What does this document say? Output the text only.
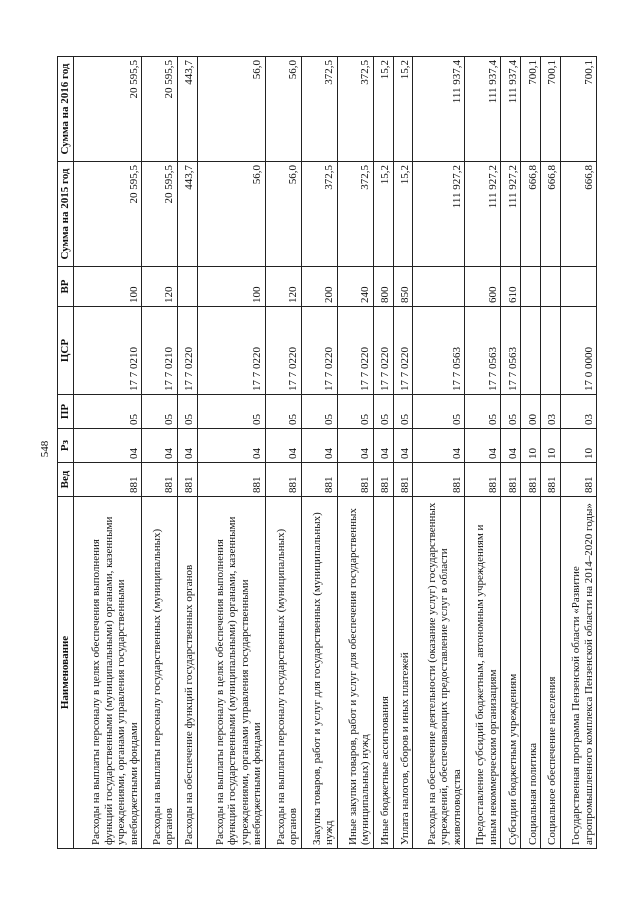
548
Наименование	Вед	Рз	ПР	ЦСР	ВР	Сумма на 2015 год	Сумма на 2016 год
Расходы на выплаты персоналу в целях обеспечения выполнения функций государственными (муниципальными) органами, казенными учреждениями, органами управления государственными внебюджетными фондами	881	04	05	17 7 0210	100	20 595,5	20 595,5
Расходы на выплаты персоналу государственных (муниципальных) органов	881	04	05	17 7 0210	120	20 595,5	20 595,5
Расходы на обеспечение функций государственных органов	881	04	05	17 7 0220		443,7	443,7
Расходы на выплаты персоналу в целях обеспечения выполнения функций государственными (муниципальными) органами, казенными учреждениями, органами управления государственными внебюджетными фондами	881	04	05	17 7 0220	100	56,0	56,0
Расходы на выплаты персоналу государственных (муниципальных) органов	881	04	05	17 7 0220	120	56,0	56,0
Закупка товаров, работ и услуг для государственных (муниципальных) нужд	881	04	05	17 7 0220	200	372,5	372,5
Иные закупки товаров, работ и услуг для обеспечения государственных (муниципальных) нужд	881	04	05	17 7 0220	240	372,5	372,5
Иные бюджетные ассигнования	881	04	05	17 7 0220	800	15,2	15,2
Уплата налогов, сборов и иных платежей	881	04	05	17 7 0220	850	15,2	15,2
Расходы на обеспечение деятельности (оказание услуг) государственных учреждений, обеспечивающих предоставление услуг в области животноводства	881	04	05	17 7 0563		111 927,2	111 937,4
Предоставление субсидий бюджетным, автономным учреждениям и иным некоммерческим организациям	881	04	05	17 7 0563	600	111 927,2	111 937,4
Субсидии бюджетным учреждениям	881	04	05	17 7 0563	610	111 927,2	111 937,4
Социальная политика	881	10	00			666,8	700,1
Социальное обеспечение населения	881	10	03			666,8	700,1
Государственная программа Пензенской области «Развитие агропромышленного комплекса Пензенской области на 2014–2020 годы»	881	10	03	17 0 0000		666,8	700,1
